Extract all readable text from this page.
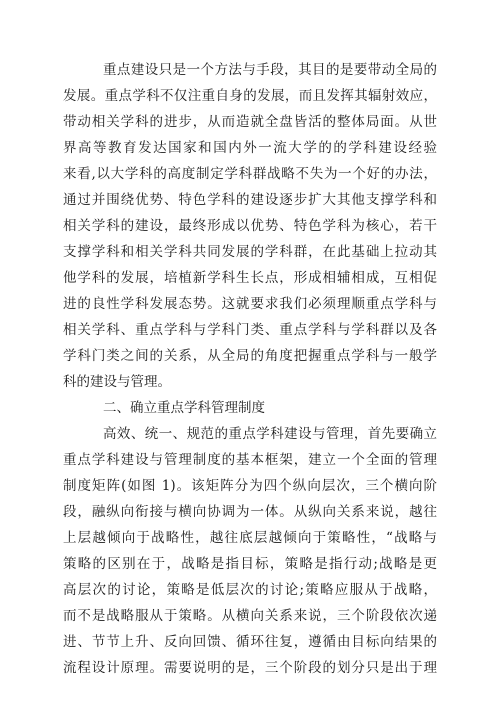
重点建设只是一个方法与手段，其目的是要带动全局的
发展。重点学科不仅注重自身的发展，而且发挥其辐射效应，
带动相关学科的进步，从而造就全盘皆活的整体局面。从世
界高等教育发达国家和国内外一流大学的的学科建设经验
来看,以大学科的高度制定学科群战略不失为一个好的办法，
通过并围绕优势、特色学科的建设逐步扩大其他支撑学科和
相关学科的建设，最终形成以优势、特色学科为核心，若干
支撑学科和相关学科共同发展的学科群，在此基础上拉动其
他学科的发展，培植新学科生长点，形成相辅相成，互相促
进的良性学科发展态势。这就要求我们必须理顺重点学科与
相关学科、重点学科与学科门类、重点学科与学科群以及各
学科门类之间的关系，从全局的角度把握重点学科与一般学
科的建设与管理。
二、确立重点学科管理制度
高效、统一、规范的重点学科建设与管理，首先要确立
重点学科建设与管理制度的基本框架，建立一个全面的管理
制度矩阵(如图 1)。该矩阵分为四个纵向层次，三个横向阶
段，融纵向衔接与横向协调为一体。从纵向关系来说，越往
上层越倾向于战略性，越往底层越倾向于策略性，“战略与
策略的区别在于，战略是指目标，策略是指行动;战略是更
高层次的讨论，策略是低层次的讨论;策略应服从于战略，
而不是战略服从于策略。从横向关系来说，三个阶段依次递
进、节节上升、反向回馈、循环往复，遵循由目标向结果的
流程设计原理。需要说明的是，三个阶段的划分只是出于理
